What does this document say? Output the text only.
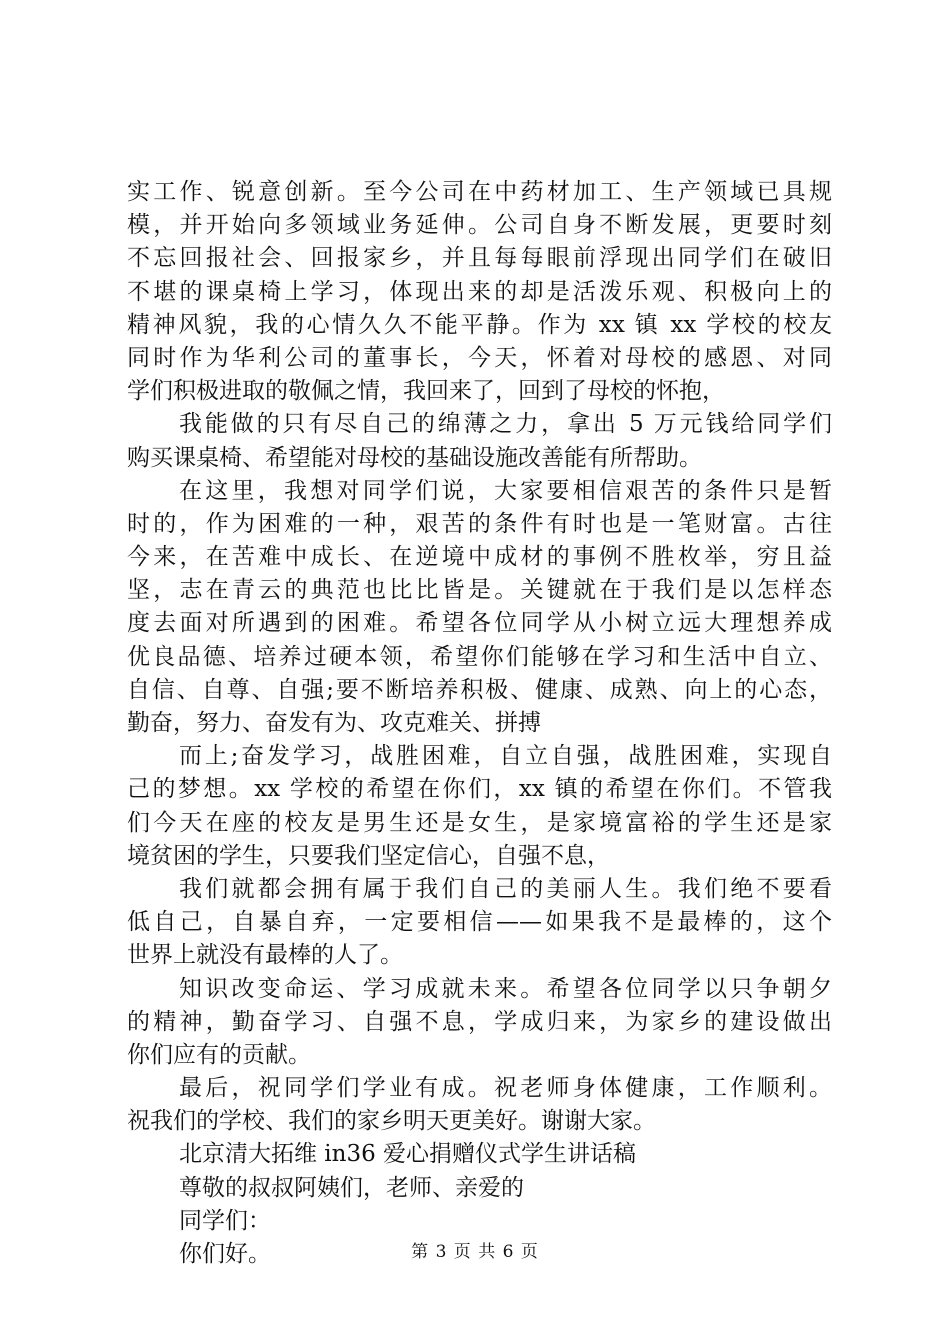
实工作、锐意创新。至今公司在中药材加工、生产领域已具规
模，并开始向多领域业务延伸。公司自身不断发展，更要时刻
不忘回报社会、回报家乡，并且每每眼前浮现出同学们在破旧
不堪的课桌椅上学习，体现出来的却是活泼乐观、积极向上的
精神风貌，我的心情久久不能平静。作为 xx 镇 xx 学校的校友
同时作为华利公司的董事长，今天，怀着对母校的感恩、对同
学们积极进取的敬佩之情，我回来了，回到了母校的怀抱，
我能做的只有尽自己的绵薄之力，拿出 5 万元钱给同学们
购买课桌椅、希望能对母校的基础设施改善能有所帮助。
在这里，我想对同学们说，大家要相信艰苦的条件只是暂
时的，作为困难的一种，艰苦的条件有时也是一笔财富。古往
今来，在苦难中成长、在逆境中成材的事例不胜枚举，穷且益
坚，志在青云的典范也比比皆是。关键就在于我们是以怎样态
度去面对所遇到的困难。希望各位同学从小树立远大理想养成
优良品德、培养过硬本领，希望你们能够在学习和生活中自立、
自信、自尊、自强;要不断培养积极、健康、成熟、向上的心态，
勤奋，努力、奋发有为、攻克难关、拼搏
而上;奋发学习，战胜困难，自立自强，战胜困难，实现自
己的梦想。xx 学校的希望在你们，xx 镇的希望在你们。不管我
们今天在座的校友是男生还是女生，是家境富裕的学生还是家
境贫困的学生，只要我们坚定信心，自强不息，
我们就都会拥有属于我们自己的美丽人生。我们绝不要看
低自己，自暴自弃，一定要相信——如果我不是最棒的，这个
世界上就没有最棒的人了。
知识改变命运、学习成就未来。希望各位同学以只争朝夕
的精神，勤奋学习、自强不息，学成归来，为家乡的建设做出
你们应有的贡献。
最后，祝同学们学业有成。祝老师身体健康，工作顺利。
祝我们的学校、我们的家乡明天更美好。谢谢大家。
北京清大拓维 in36 爱心捐赠仪式学生讲话稿
尊敬的叔叔阿姨们，老师、亲爱的
同学们：
你们好。	第 3 页 共 6 页
